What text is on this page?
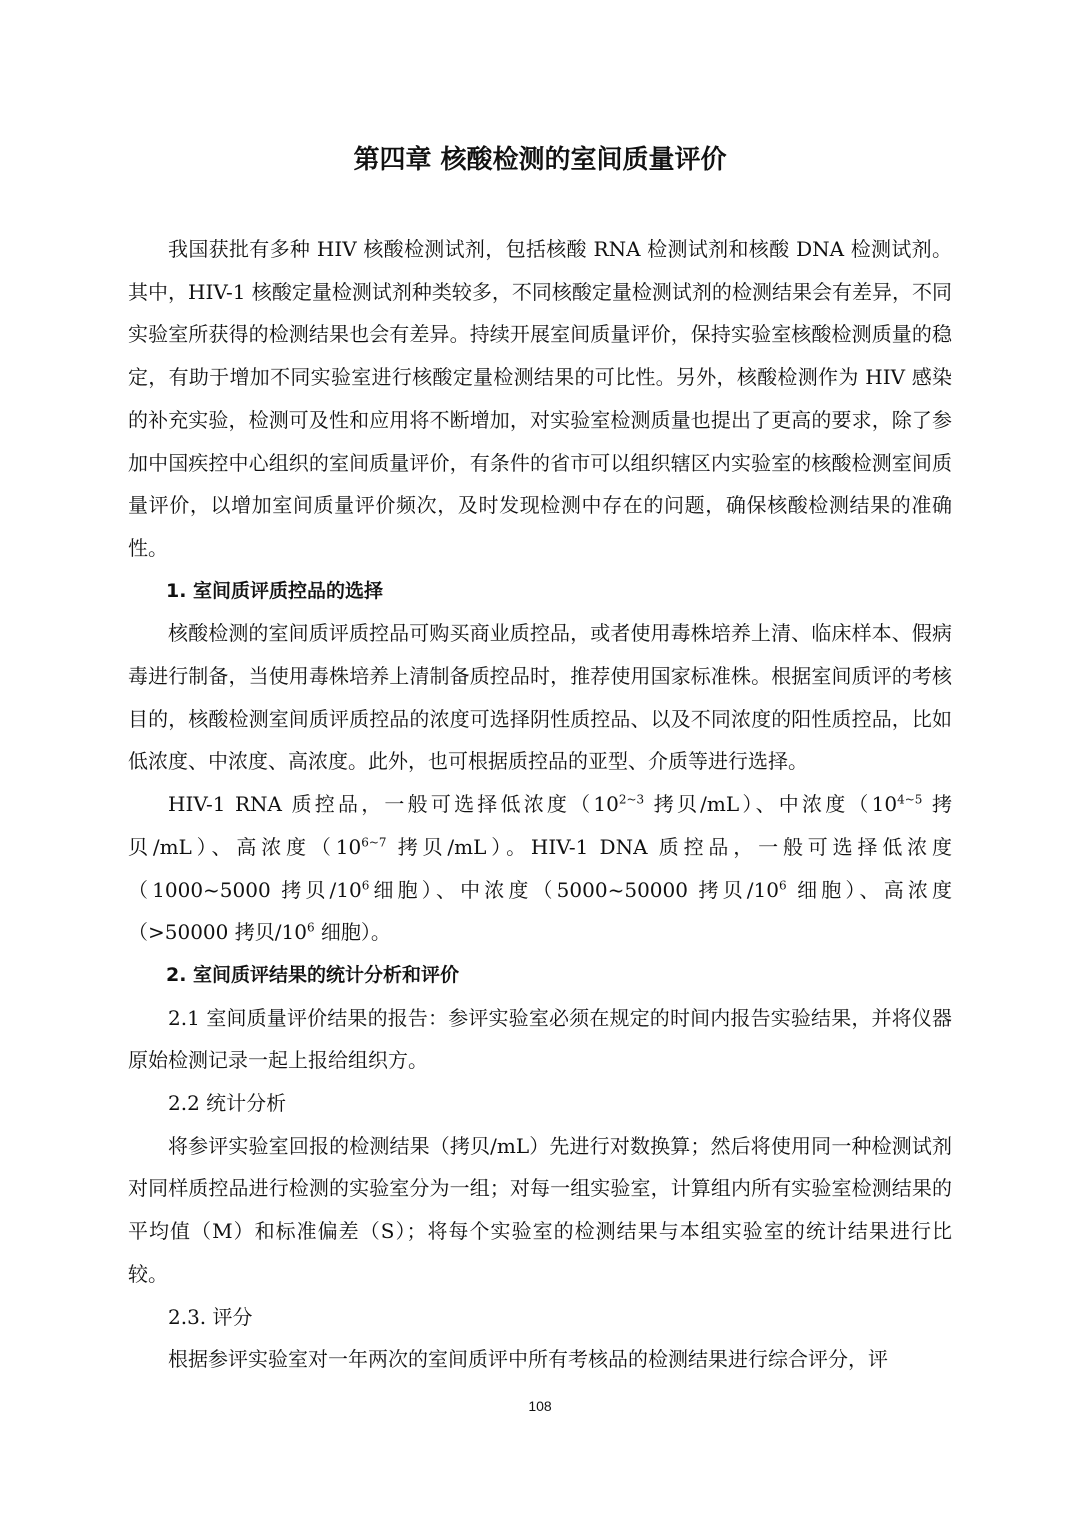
第四章 核酸检测的室间质量评价

我国获批有多种 HIV 核酸检测试剂，包括核酸 RNA 检测试剂和核酸 DNA 检测试剂。其中，HIV-1 核酸定量检测试剂种类较多，不同核酸定量检测试剂的检测结果会有差异，不同实验室所获得的检测结果也会有差异。持续开展室间质量评价，保持实验室核酸检测质量的稳定，有助于增加不同实验室进行核酸定量检测结果的可比性。另外，核酸检测作为 HIV 感染的补充实验，检测可及性和应用将不断增加，对实验室检测质量也提出了更高的要求，除了参加中国疾控中心组织的室间质量评价，有条件的省市可以组织辖区内实验室的核酸检测室间质量评价，以增加室间质量评价频次，及时发现检测中存在的问题，确保核酸检测结果的准确性。

1. 室间质评质控品的选择

核酸检测的室间质评质控品可购买商业质控品，或者使用毒株培养上清、临床样本、假病毒进行制备，当使用毒株培养上清制备质控品时，推荐使用国家标准株。根据室间质评的考核目的，核酸检测室间质评质控品的浓度可选择阴性质控品、以及不同浓度的阳性质控品，比如低浓度、中浓度、高浓度。此外，也可根据质控品的亚型、介质等进行选择。

HIV-1 RNA 质控品，一般可选择低浓度（$10^{2\sim 3}$ 拷贝/mL）、中浓度（$10^{4\sim 5}$ 拷贝/mL）、高浓度（$10^{6\sim 7}$ 拷贝/mL）。HIV-1 DNA 质控品，一般可选择低浓度（1000~5000 拷贝$/10^6$细胞）、中浓度（5000~50000 拷贝$/10^6$ 细胞）、高浓度（>50000 拷贝$/10^6$ 细胞）。

2. 室间质评结果的统计分析和评价

2.1 室间质量评价结果的报告：参评实验室必须在规定的时间内报告实验结果，并将仪器原始检测记录一起上报给组织方。

2.2 统计分析

将参评实验室回报的检测结果（拷贝/mL）先进行对数换算；然后将使用同一种检测试剂对同样质控品进行检测的实验室分为一组；对每一组实验室，计算组内所有实验室检测结果的平均值（M）和标准偏差（S）；将每个实验室的检测结果与本组实验室的统计结果进行比较。

2.3. 评分

根据参评实验室对一年两次的室间质评中所有考核品的检测结果进行综合评分，评

108
